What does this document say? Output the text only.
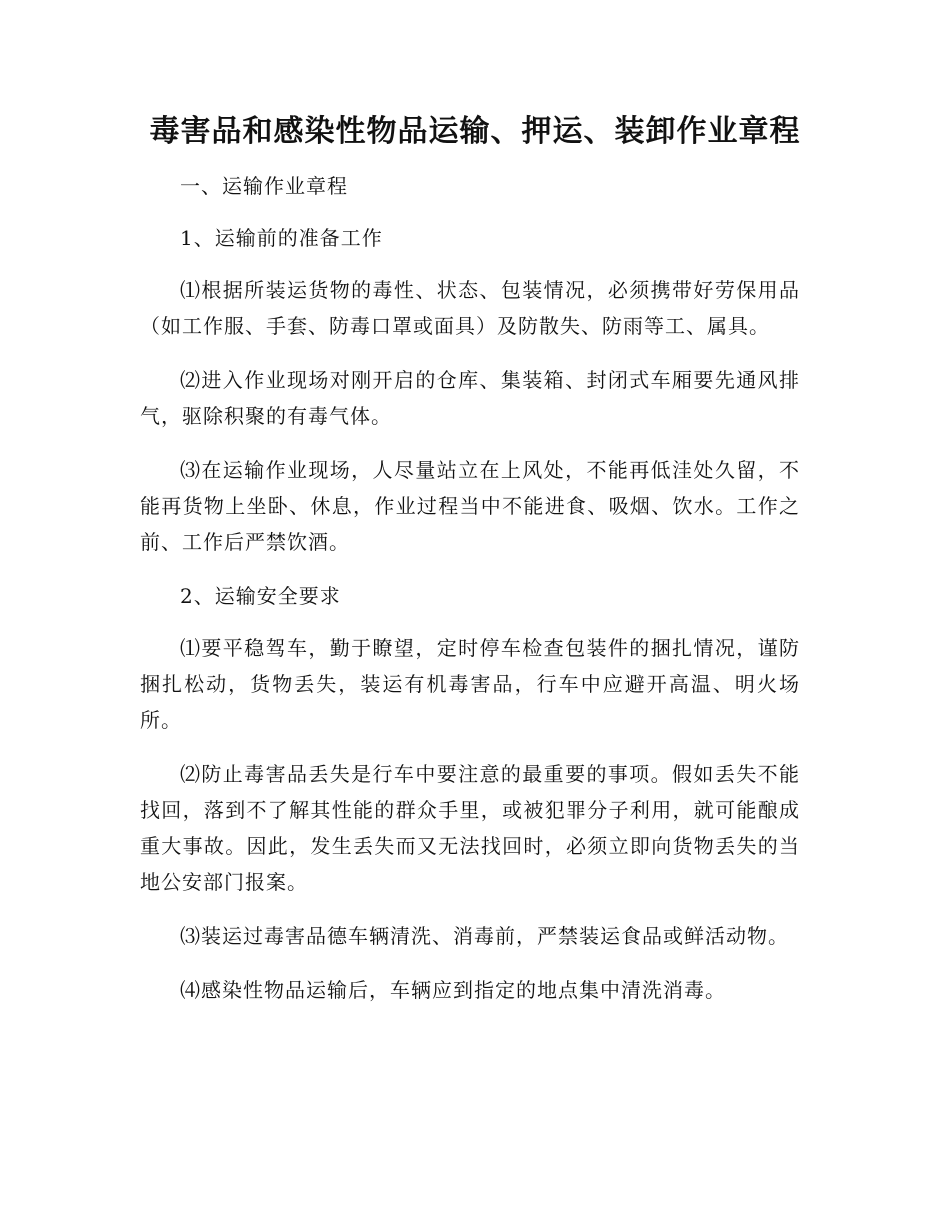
毒害品和感染性物品运输、押运、装卸作业章程

一、运输作业章程

1、运输前的准备工作

⑴根据所装运货物的毒性、状态、包装情况，必须携带好劳保用品（如工作服、手套、防毒口罩或面具）及防散失、防雨等工、属具。

⑵进入作业现场对刚开启的仓库、集装箱、封闭式车厢要先通风排气，驱除积聚的有毒气体。

⑶在运输作业现场，人尽量站立在上风处，不能再低洼处久留，不能再货物上坐卧、休息，作业过程当中不能进食、吸烟、饮水。工作之前、工作后严禁饮酒。

2、运输安全要求

⑴要平稳驾车，勤于瞭望，定时停车检查包装件的捆扎情况，谨防捆扎松动，货物丢失，装运有机毒害品，行车中应避开高温、明火场所。

⑵防止毒害品丢失是行车中要注意的最重要的事项。假如丢失不能找回，落到不了解其性能的群众手里，或被犯罪分子利用，就可能酿成重大事故。因此，发生丢失而又无法找回时，必须立即向货物丢失的当地公安部门报案。

⑶装运过毒害品德车辆清洗、消毒前，严禁装运食品或鲜活动物。

⑷感染性物品运输后，车辆应到指定的地点集中清洗消毒。
